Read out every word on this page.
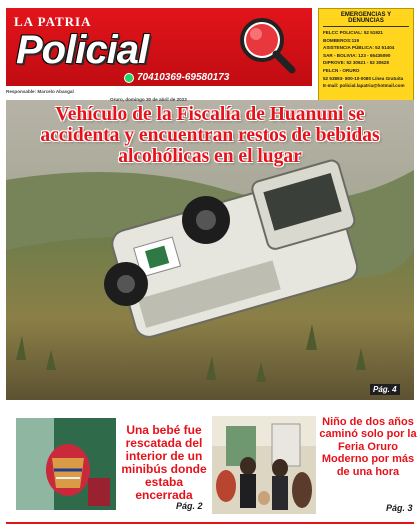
LA PATRIA
Policial
70410369-69580173
EMERGENCIAS Y DENUNCIAS
FELCC POLICIAL: 52 51921
BOMBEROS:119
ASISTENCIA PÚBLICA: 52 51404
SAR - BOLIVIA: 123 - 65435090
DIPROVE: 52 30621 - 52 30628
FELCN - ORURO
52 53893- 800-10-0080 Línea Gratuita
E-mail: policial.lapatria@hotmail.com
Pág. 4
Vehículo de la Fiscalía de Huanuni se accidenta y encuentran restos de bebidas alcohólicas en el lugar
Responsable: Marcelo Abasgal
Oruro, domingo 30 de abril de 2023
Una bebé fue rescatada del interior de un minibús donde estaba encerrada
Pág. 2
Niño de dos años caminó solo por la Feria Oruro Moderno por más de una hora
Pág. 3
